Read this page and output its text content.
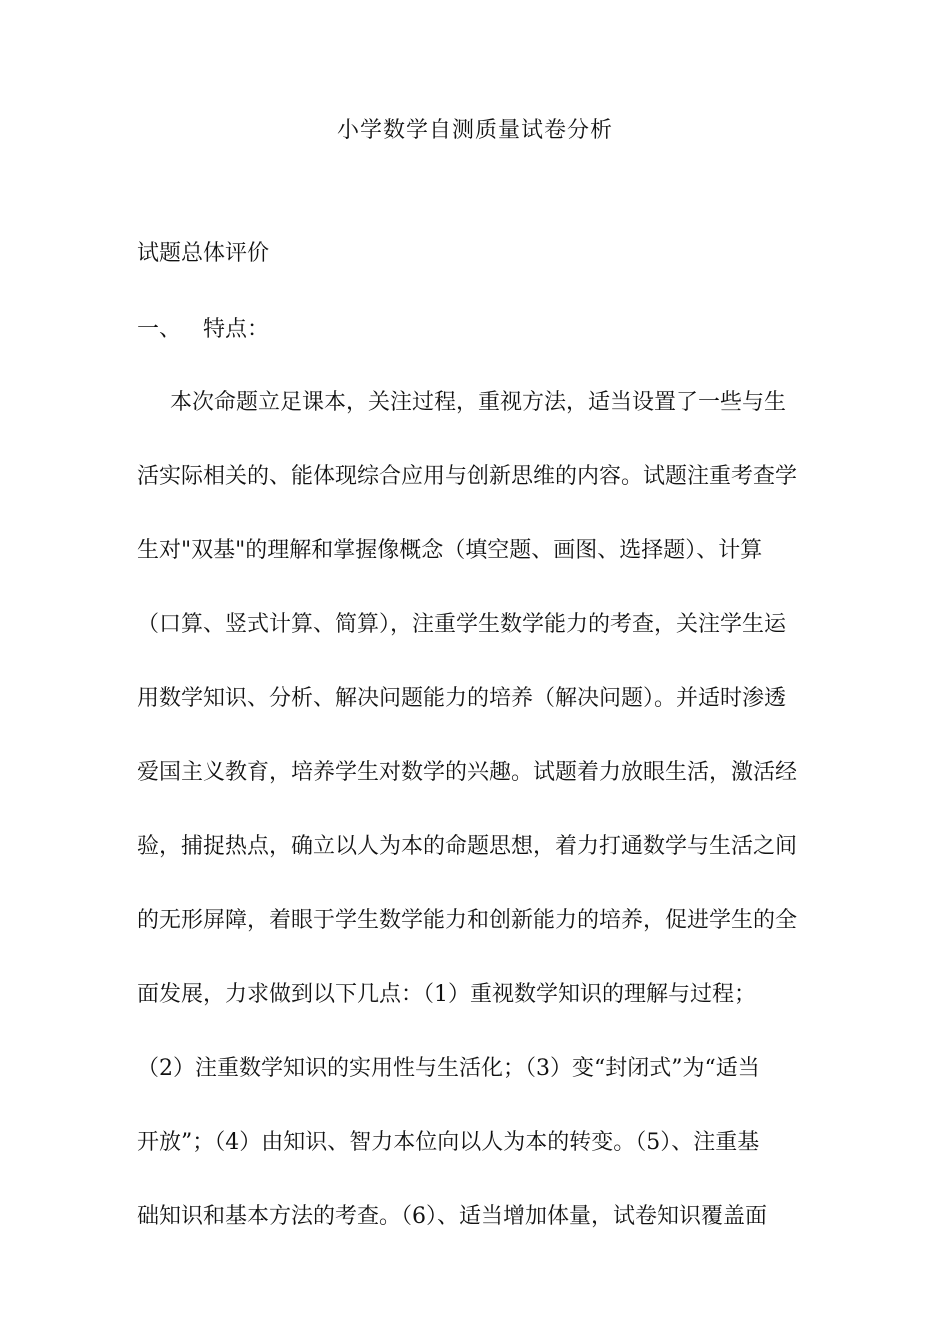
小学数学自测质量试卷分析
试题总体评价
一、 特点：
本次命题立足课本，关注过程，重视方法，适当设置了一些与生
活实际相关的、能体现综合应用与创新思维的内容。试题注重考查学
生对"双基"的理解和掌握像概念（填空题、画图、选择题）、计算
（口算、竖式计算、简算），注重学生数学能力的考查，关注学生运
用数学知识、分析、解决问题能力的培养（解决问题）。并适时渗透
爱国主义教育，培养学生对数学的兴趣。试题着力放眼生活，激活经
验，捕捉热点，确立以人为本的命题思想，着力打通数学与生活之间
的无形屏障，着眼于学生数学能力和创新能力的培养，促进学生的全
面发展，力求做到以下几点：（1）重视数学知识的理解与过程；
（2）注重数学知识的实用性与生活化；（3）变“封闭式”为“适当
开放”；（4）由知识、智力本位向以人为本的转变。（5）、注重基
础知识和基本方法的考查。（6）、适当增加体量，试卷知识覆盖面
